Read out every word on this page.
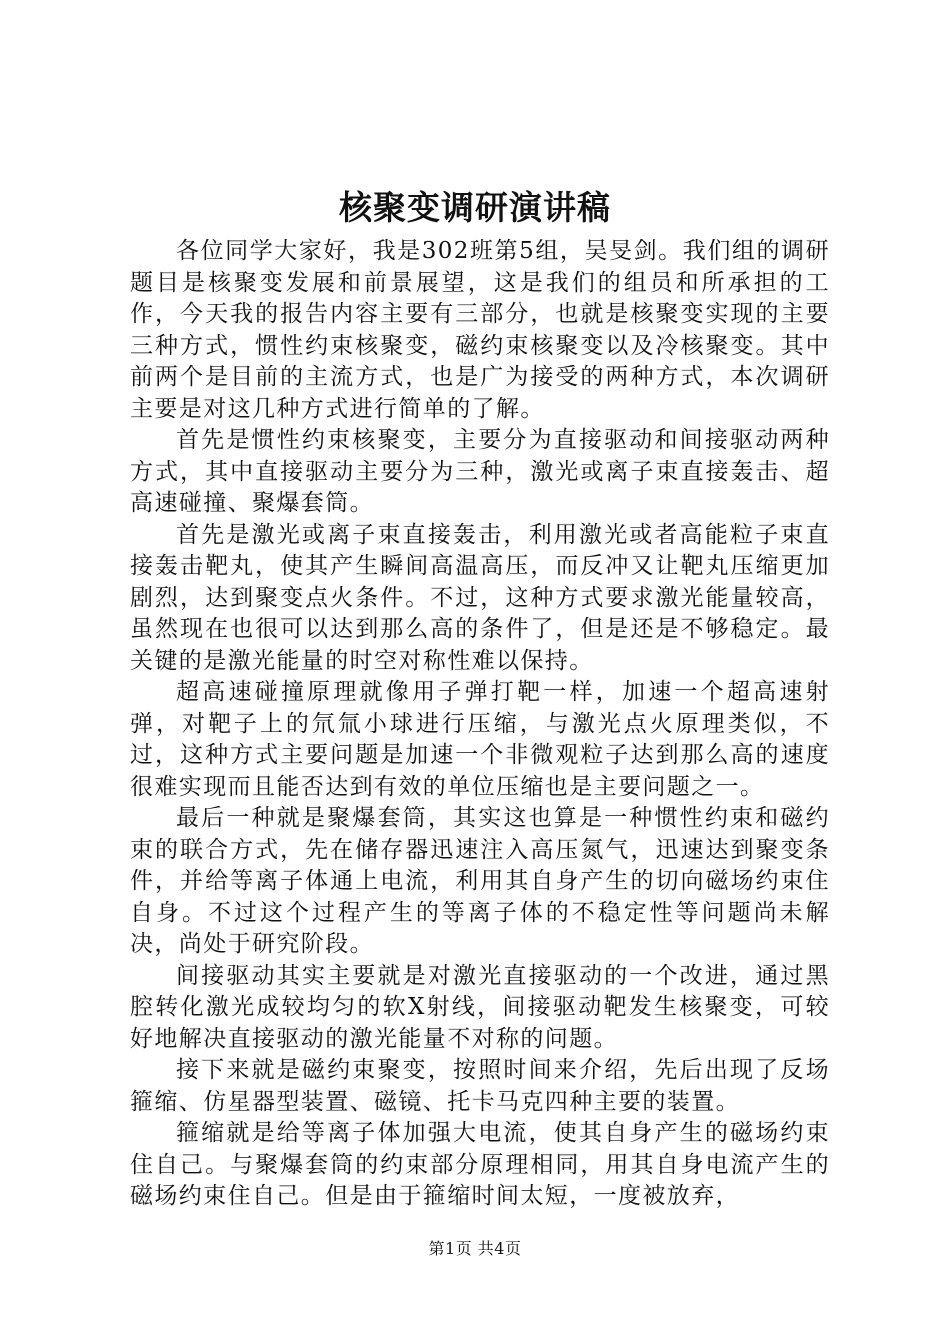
核聚变调研演讲稿

各位同学大家好，我是302班第5组，吴旻剑。我们组的调研题目是核聚变发展和前景展望，这是我们的组员和所承担的工作，今天我的报告内容主要有三部分，也就是核聚变实现的主要三种方式，惯性约束核聚变，磁约束核聚变以及冷核聚变。其中前两个是目前的主流方式，也是广为接受的两种方式，本次调研主要是对这几种方式进行简单的了解。

首先是惯性约束核聚变，主要分为直接驱动和间接驱动两种方式，其中直接驱动主要分为三种，激光或离子束直接轰击、超高速碰撞、聚爆套筒。

首先是激光或离子束直接轰击，利用激光或者高能粒子束直接轰击靶丸，使其产生瞬间高温高压，而反冲又让靶丸压缩更加剧烈，达到聚变点火条件。不过，这种方式要求激光能量较高，虽然现在也很可以达到那么高的条件了，但是还是不够稳定。最关键的是激光能量的时空对称性难以保持。

超高速碰撞原理就像用子弹打靶一样，加速一个超高速射弹，对靶子上的氘氚小球进行压缩，与激光点火原理类似，不过，这种方式主要问题是加速一个非微观粒子达到那么高的速度很难实现而且能否达到有效的单位压缩也是主要问题之一。

最后一种就是聚爆套筒，其实这也算是一种惯性约束和磁约束的联合方式，先在储存器迅速注入高压氮气，迅速达到聚变条件，并给等离子体通上电流，利用其自身产生的切向磁场约束住自身。不过这个过程产生的等离子体的不稳定性等问题尚未解决，尚处于研究阶段。

间接驱动其实主要就是对激光直接驱动的一个改进，通过黑腔转化激光成较均匀的软X射线，间接驱动靶发生核聚变，可较好地解决直接驱动的激光能量不对称的问题。

接下来就是磁约束聚变，按照时间来介绍，先后出现了反场箍缩、仿星器型装置、磁镜、托卡马克四种主要的装置。

箍缩就是给等离子体加强大电流，使其自身产生的磁场约束住自己。与聚爆套筒的约束部分原理相同，用其自身电流产生的磁场约束住自己。但是由于箍缩时间太短，一度被放弃，

第1页 共4页
